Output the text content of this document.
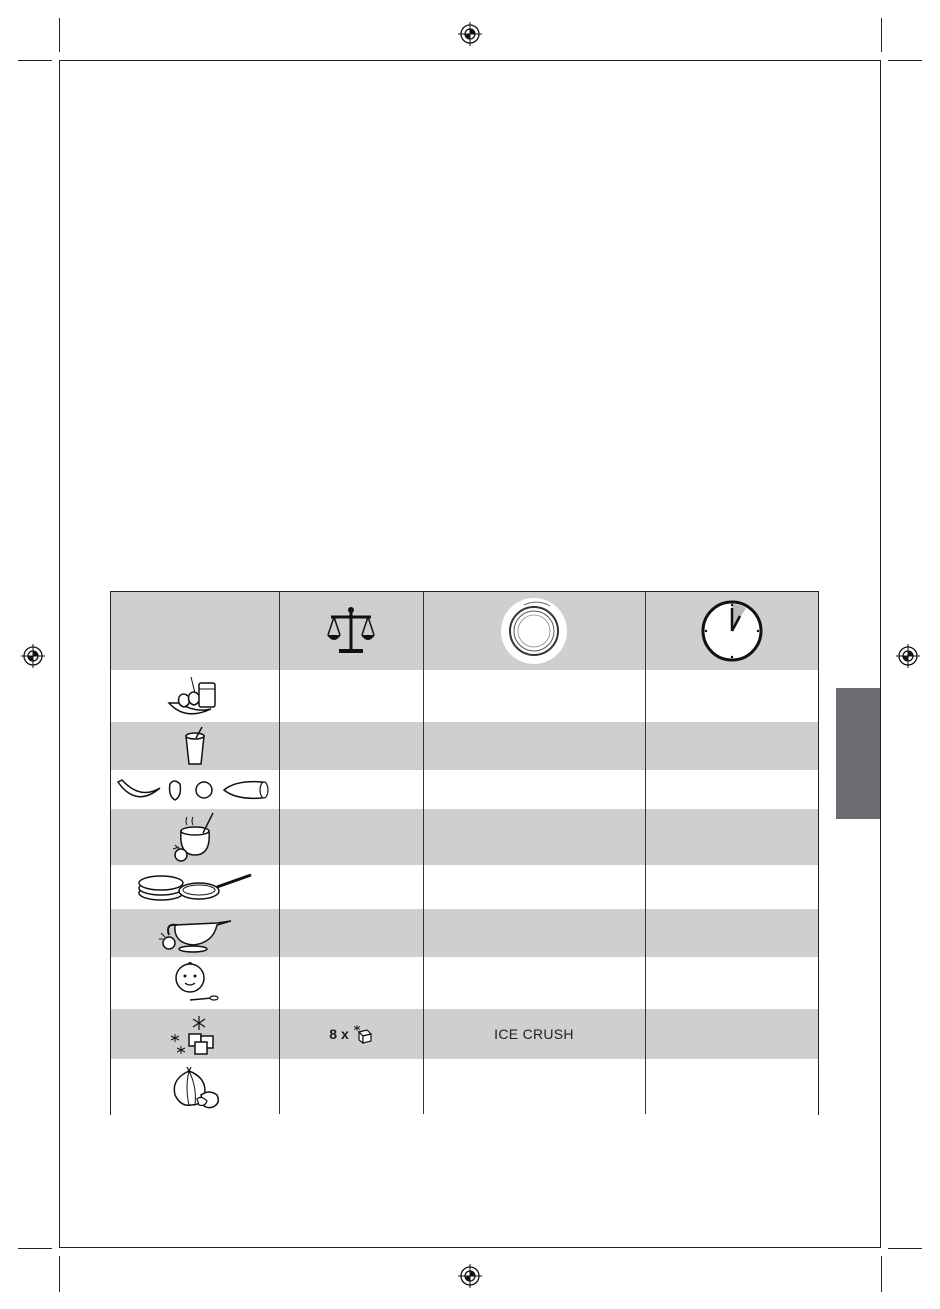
8 x	ICE CRUSH
